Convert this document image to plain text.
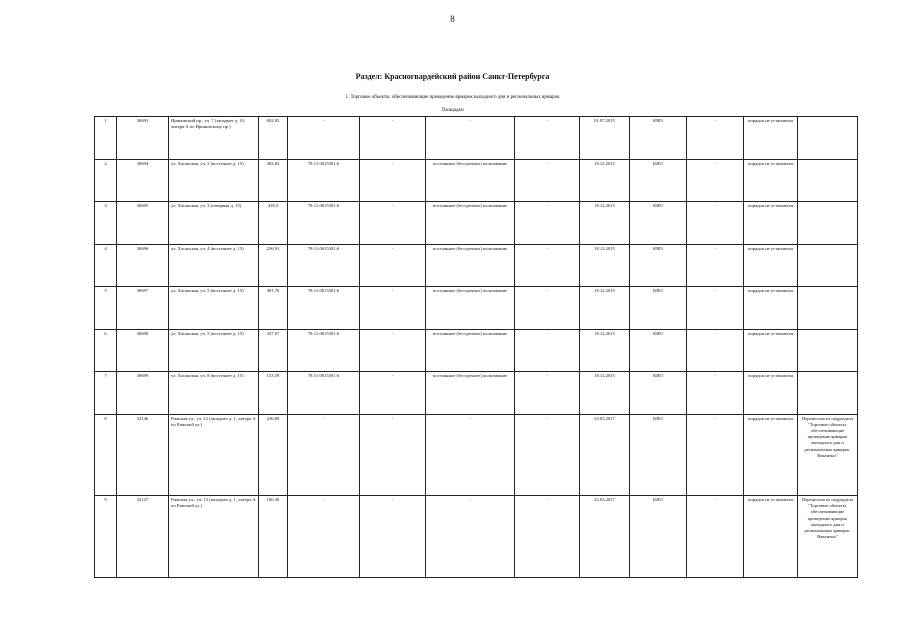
8
Раздел: Красногвардейский район Санкт-Петербурга
1. Торговые объекты, обеспечивающие проведение ярмарок выходного дня и региональных ярмарок
Площадки
1	30693	Ириновский пр., уч. 7 (западнее д. 10, литера А по Ириновскому пр.)	692,93	-	-	-	-	01.07.2015	КИО	-	порядок не установлен	
2	30694	ул. Хасанская, уч. 2 (восточнее д. 15)	383,83	78:11:0615301:6	-	постоянное (бессрочное) пользование	-	18.12.2015	КИО	-	порядок не установлен	
3	30695	ул. Хасанская, уч. 3 (северная д. 15)	418,3	78:11:0615301:6	-	постоянное (бессрочное) пользование	-	18.12.2015	КИО	-	порядок не установлен	
4	30696	ул. Хасанская, уч. 4 (восточнее д. 15)	236,91	78:11:0615301:6	-	постоянное (бессрочное) пользование	-	18.12.2015	КИО	-	порядок не установлен	
5	30697	ул. Хасанская, уч. 5 (восточнее д. 15)	491,76	78:11:0615301:6	-	постоянное (бессрочное) пользование	-	18.12.2015	КИО	-	порядок не установлен	
6	30698	ул. Хасанская, уч. 5 (восточнее д. 15)	437,97	78:11:0615301:6	-	постоянное (бессрочное) пользование	-	18.12.2015	КИО	-	порядок не установлен	
7	30699	ул. Хасанская, уч. 8 (восточнее д. 15)	153,59	78:11:0615301:6	-	постоянное (бессрочное) пользование	-	18.12.2015	КИО	-	порядок не установлен	
8	32146	Рижская ул., уч. 12 (западнее д. 1, литера А по Рижской ул.)	236,89	-	-	-	-	23.03.2017	КИО	-	порядок не установлен	Перенесена из подраздела "Торговые объекты, обеспечивающие проведение ярмарок выходного дня и региональных ярмарок. Вакантно"
9	32147	Рижская ул., уч. 13 (западнее д. 1, литера А по Рижской ул.)	160,36	-	-	-	-	23.03.2017	КИО	-	порядок не установлен	Перенесена из подраздела "Торговые объекты, обеспечивающие проведение ярмарок выходного дня и региональных ярмарок. Вакантно"
